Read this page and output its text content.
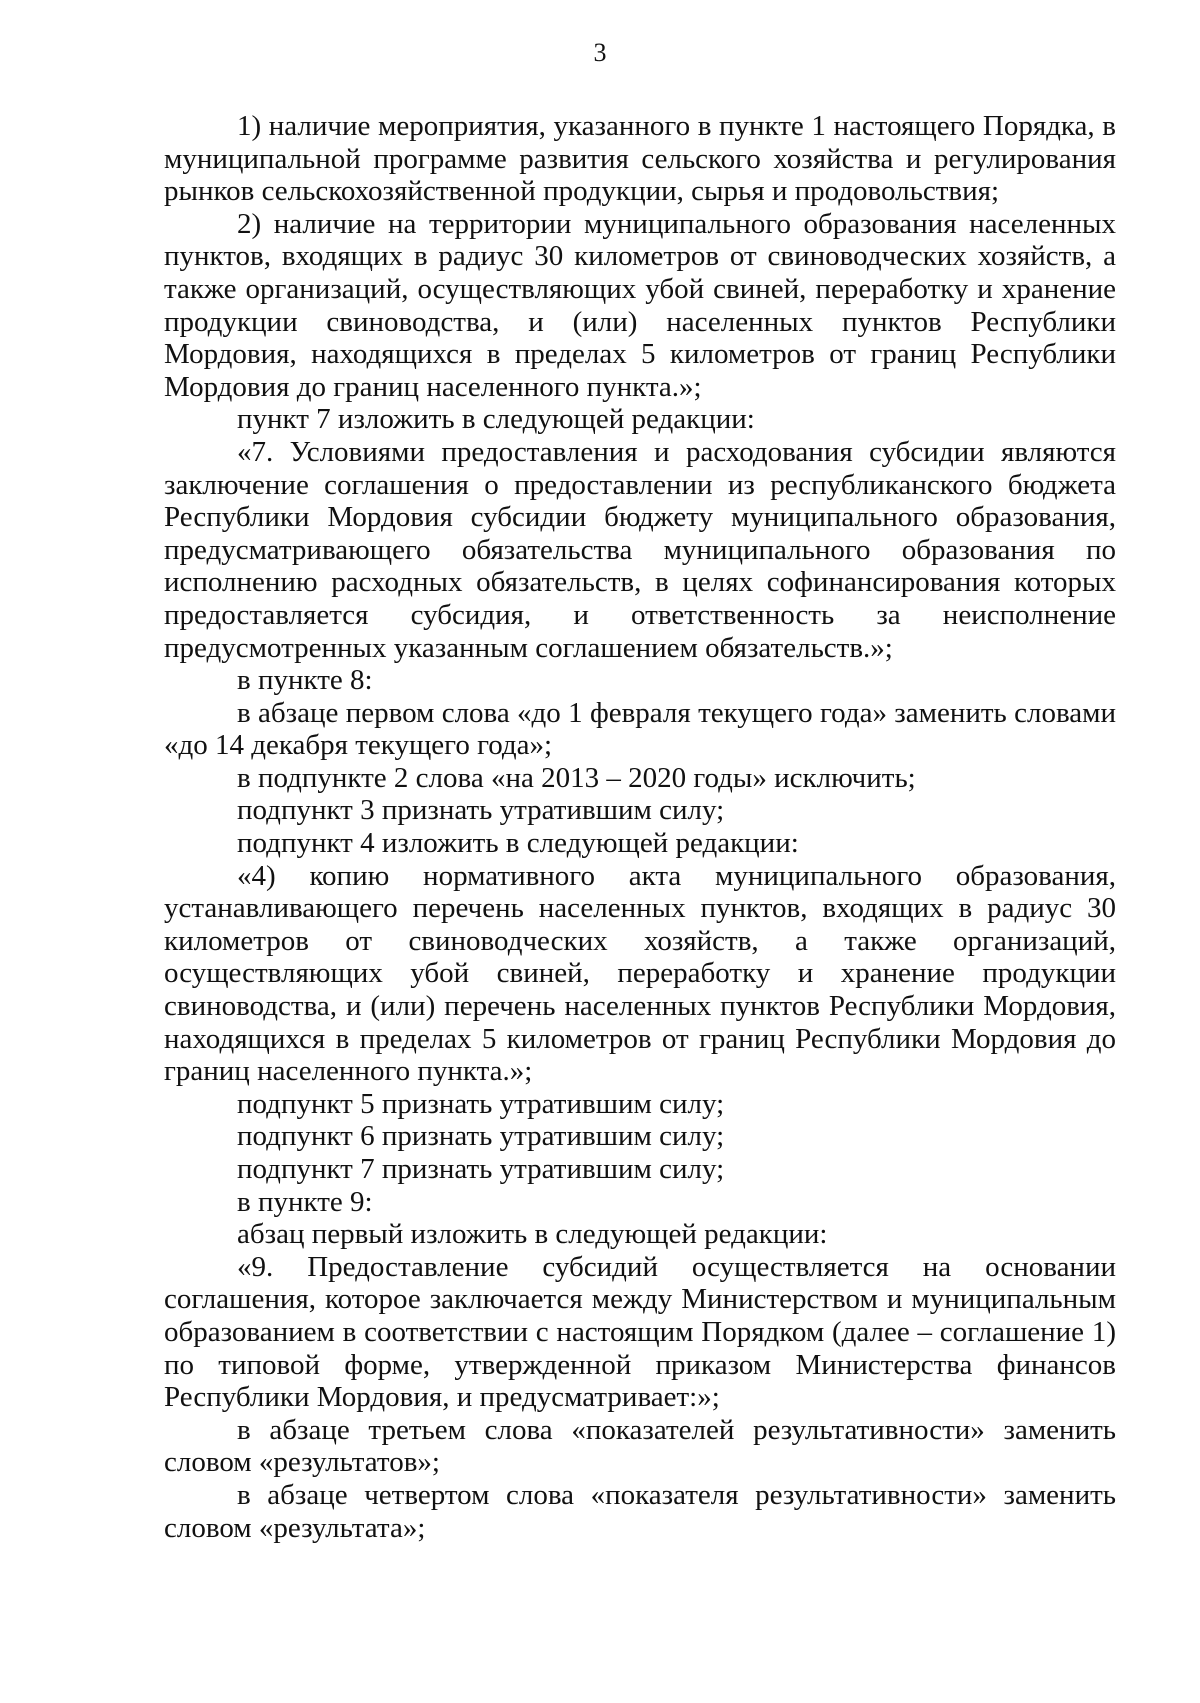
3

1) наличие мероприятия, указанного в пункте 1 настоящего Порядка, в муниципальной программе развития сельского хозяйства и регулирования рынков сельскохозяйственной продукции, сырья и продовольствия;

2) наличие на территории муниципального образования населенных пунктов, входящих в радиус 30 километров от свиноводческих хозяйств, а также организаций, осуществляющих убой свиней, переработку и хранение продукции свиноводства, и (или) населенных пунктов Республики Мордовия, находящихся в пределах 5 километров от границ Республики Мордовия до границ населенного пункта.»;

пункт 7 изложить в следующей редакции:

«7. Условиями предоставления и расходования субсидии являются заключение соглашения о предоставлении из республиканского бюджета Республики Мордовия субсидии бюджету муниципального образования, предусматривающего обязательства муниципального образования по исполнению расходных обязательств, в целях софинансирования которых предоставляется субсидия, и ответственность за неисполнение предусмотренных указанным соглашением обязательств.»;

в пункте 8:

в абзаце первом слова «до 1 февраля текущего года» заменить словами «до 14 декабря текущего года»;

в подпункте 2 слова «на 2013 – 2020 годы» исключить;

подпункт 3 признать утратившим силу;

подпункт 4 изложить в следующей редакции:

«4) копию нормативного акта муниципального образования, устанавливающего перечень населенных пунктов, входящих в радиус 30 километров от свиноводческих хозяйств, а также организаций, осуществляющих убой свиней, переработку и хранение продукции свиноводства, и (или) перечень населенных пунктов Республики Мордовия, находящихся в пределах 5 километров от границ Республики Мордовия до границ населенного пункта.»;

подпункт 5 признать утратившим силу;

подпункт 6 признать утратившим силу;

подпункт 7 признать утратившим силу;

в пункте 9:

абзац первый изложить в следующей редакции:

«9. Предоставление субсидий осуществляется на основании соглашения, которое заключается между Министерством и муниципальным образованием в соответствии с настоящим Порядком (далее – соглашение 1) по типовой форме, утвержденной приказом Министерства финансов Республики Мордовия, и предусматривает:»;

в абзаце третьем слова «показателей результативности» заменить словом «результатов»;

в абзаце четвертом слова «показателя результативности» заменить словом «результата»;
